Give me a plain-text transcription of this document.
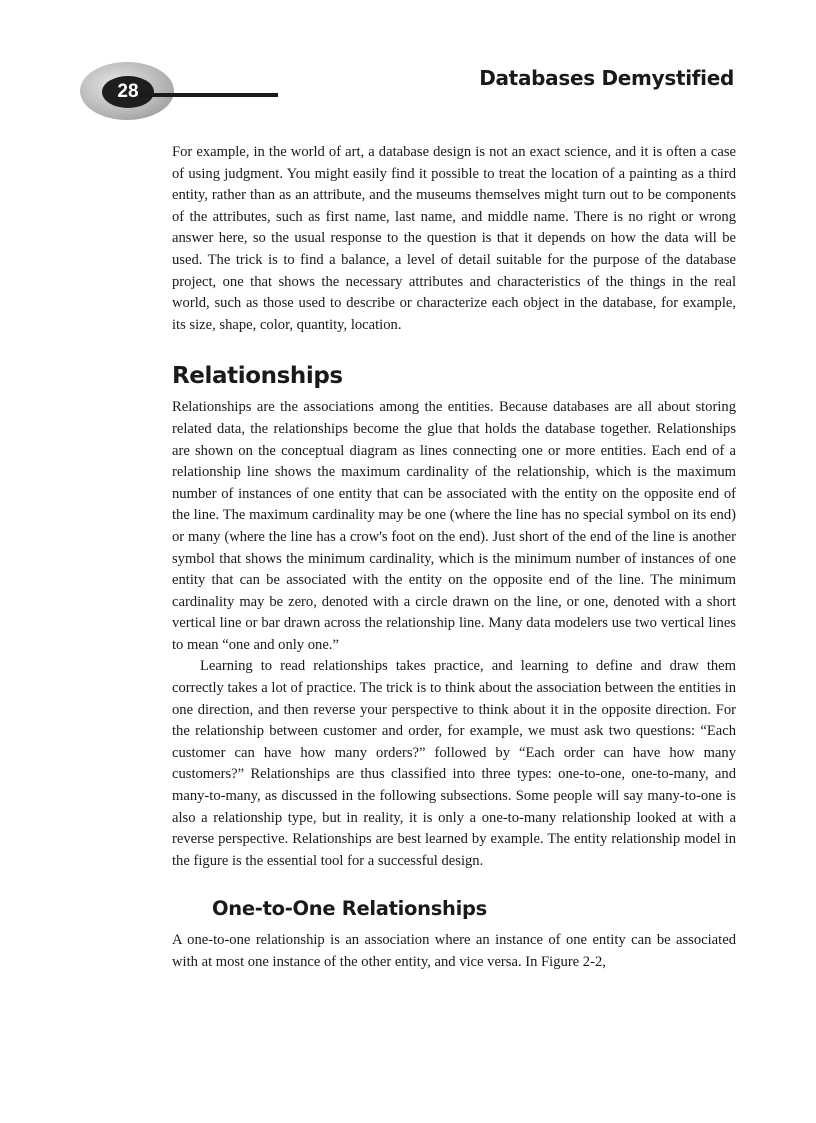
28
Databases Demystified

For example, in the world of art, a database design is not an exact science, and it is often a case of using judgment. You might easily find it possible to treat the location of a painting as a third entity, rather than as an attribute, and the museums themselves might turn out to be components of the attributes, such as first name, last name, and middle name. There is no right or wrong answer here, so the usual response to the question is that it depends on how the data will be used. The trick is to find a balance, a level of detail suitable for the purpose of the database project, one that shows the necessary attributes and characteristics of the things in the real world, such as those used to describe or characterize each object in the database, for example, its size, shape, color, quantity, location.

Relationships

Relationships are the associations among the entities. Because databases are all about storing related data, the relationships become the glue that holds the database together. Relationships are shown on the conceptual diagram as lines connecting one or more entities. Each end of a relationship line shows the maximum cardinality of the relationship, which is the maximum number of instances of one entity that can be associated with the entity on the opposite end of the line. The maximum cardinality may be one (where the line has no special symbol on its end) or many (where the line has a crow's foot on the end). Just short of the end of the line is another symbol that shows the minimum cardinality, which is the minimum number of instances of one entity that can be associated with the entity on the opposite end of the line. The minimum cardinality may be zero, denoted with a circle drawn on the line, or one, denoted with a short vertical line or bar drawn across the relationship line. Many data modelers use two vertical lines to mean “one and only one.”

Learning to read relationships takes practice, and learning to define and draw them correctly takes a lot of practice. The trick is to think about the association between the entities in one direction, and then reverse your perspective to think about it in the opposite direction. For the relationship between customer and order, for example, we must ask two questions: “Each customer can have how many orders?” followed by “Each order can have how many customers?” Relationships are thus classified into three types: one-to-one, one-to-many, and many-to-many, as discussed in the following subsections. Some people will say many-to-one is also a relationship type, but in reality, it is only a one-to-many relationship looked at with a reverse perspective. Relationships are best learned by example. The entity relationship model in the figure is the essential tool for a successful design.

One-to-One Relationships

A one-to-one relationship is an association where an instance of one entity can be associated with at most one instance of the other entity, and vice versa. In Figure 2-2,
